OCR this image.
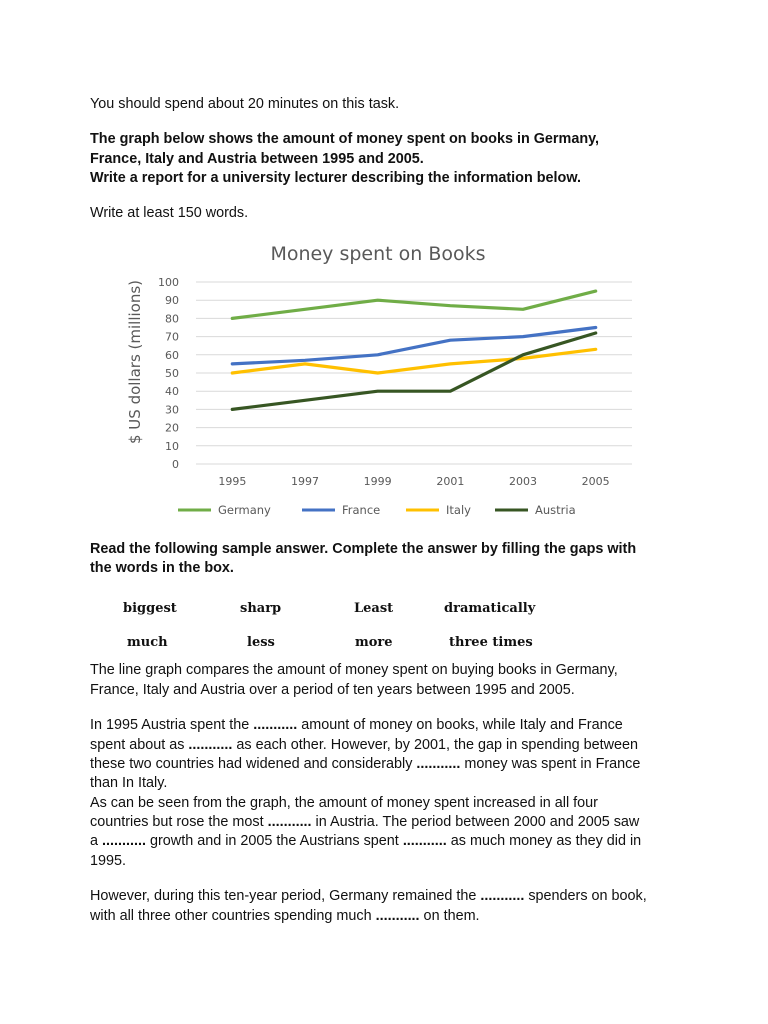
You should spend about 20 minutes on this task.

The graph below shows the amount of money spent on books in Germany,

France, Italy and Austria between 1995 and 2005.

Write a report for a university lecturer describing the information below.

Write at least 150 words.

Money spent on Books
$ US dollars (millions)
0
10
20
30
40
50
60
70
80
90
100
1995	1997	1999	2001	2003	2005
Germany	France	Italy	Austria

Read the following sample answer. Complete the answer by filling the gaps with

the words in the box.

biggest	sharp	Least	dramatically
much	less	more	three times

The line graph compares the amount of money spent on buying books in Germany,

France, Italy and Austria over a period of ten years between 1995 and 2005.

In 1995 Austria spent the ........... amount of money on books, while Italy and France

spent about as ........... as each other. However, by 2001, the gap in spending between

these two countries had widened and considerably ........... money was spent in France

than In Italy.

As can be seen from the graph, the amount of money spent increased in all four

countries but rose the most ........... in Austria. The period between 2000 and 2005 saw

a ........... growth and in 2005 the Austrians spent ........... as much money as they did in

1995.

However, during this ten-year period, Germany remained the ........... spenders on book,

with all three other countries spending much ........... on them.
